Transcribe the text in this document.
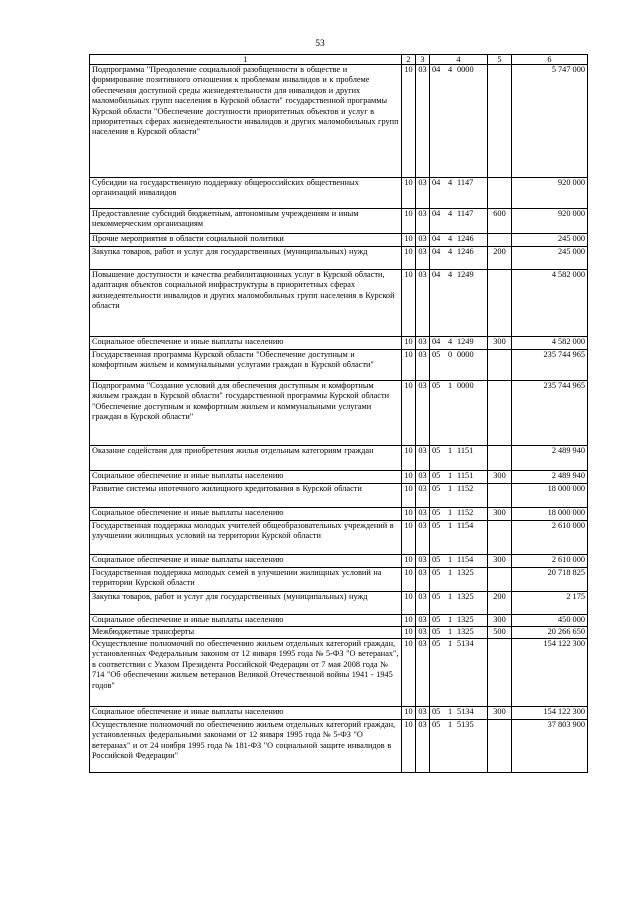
53
1	2	3	4	5	6
Подпрограмма "Преодоление социальной разобщенности в обществе и формирование позитивного отношения к проблемам инвалидов и к проблеме обеспечения доступной среды жизнедеятельности для инвалидов и других маломобильных групп населения в Курской области" государственной программы Курской области "Обеспечение доступности приоритетных объектов и услуг в приоритетных сферах жизнедеятельности инвалидов и других маломобильных групп населения в Курской области"	10	03	04 4 0000		5 747 000
Субсидии на государственную поддержку общероссийских общественных организаций инвалидов	10	03	04 4 1147		920 000
Предоставление субсидий бюджетным, автономным учреждениям и иным некоммерческим организациям	10	03	04 4 1147	600	920 000
Прочие мероприятия в области социальной политики	10	03	04 4 1246		245 000
Закупка товаров, работ и услуг для государственных (муниципальных) нужд	10	03	04 4 1246	200	245 000
Повышение доступности и качества реабилитационных услуг в Курской области, адаптация объектов социальной инфраструктуры в приоритетных сферах жизнедеятельности инвалидов и других маломобильных групп населения в Курской области	10	03	04 4 1249		4 582 000
Социальное обеспечение и иные выплаты населению	10	03	04 4 1249	300	4 582 000
Государственная программа Курской области "Обеспечение доступным и комфортным жильем и коммунальными услугами граждан в Курской области"	10	03	05 0 0000		235 744 965
Подпрограмма "Создание условий для обеспечения доступным и комфортным жильем граждан в Курской области" государственной программы Курской области "Обеспечение доступным и комфортным жильем и коммунальными услугами граждан в Курской области"	10	03	05 1 0000		235 744 965
Оказание содействия для приобретения жилья отдельным категориям граждан	10	03	05 1 1151		2 489 940
Социальное обеспечение и иные выплаты населению	10	03	05 1 1151	300	2 489 940
Развитие системы ипотечного жилищного кредитования в Курской области	10	03	05 1 1152		18 000 000
Социальное обеспечение и иные выплаты населению	10	03	05 1 1152	300	18 000 000
Государственная поддержка молодых учителей общеобразовательных учреждений в улучшении жилищных условий на территории Курской области	10	03	05 1 1154		2 610 000
Социальное обеспечение и иные выплаты населению	10	03	05 1 1154	300	2 610 000
Государственная поддержка молодых семей в улучшении жилищных условий на территории Курской области	10	03	05 1 1325		20 718 825
Закупка товаров, работ и услуг для государственных (муниципальных) нужд	10	03	05 1 1325	200	2 175
Социальное обеспечение и иные выплаты населению	10	03	05 1 1325	300	450 000
Межбюджетные трансферты	10	03	05 1 1325	500	20 266 650
Осуществление полномочий по обеспечению жильем отдельных категорий граждан, установленных Федеральным законом от 12 января 1995 года № 5-ФЗ "О ветеранах", в соответствии с Указом Президента Российской Федерации от 7 мая 2008 года № 714 "Об обеспечении жильем ветеранов Великой Отечественной войны 1941 - 1945 годов"	10	03	05 1 5134		154 122 300
Социальное обеспечение и иные выплаты населению	10	03	05 1 5134	300	154 122 300
Осуществление полномочий по обеспечению жильем отдельных категорий граждан, установленных федеральными законами от 12 января 1995 года № 5-ФЗ "О ветеранах" и от 24 ноября 1995 года № 181-ФЗ "О социальной защите инвалидов в Российской Федерации"	10	03	05 1 5135		37 803 900
